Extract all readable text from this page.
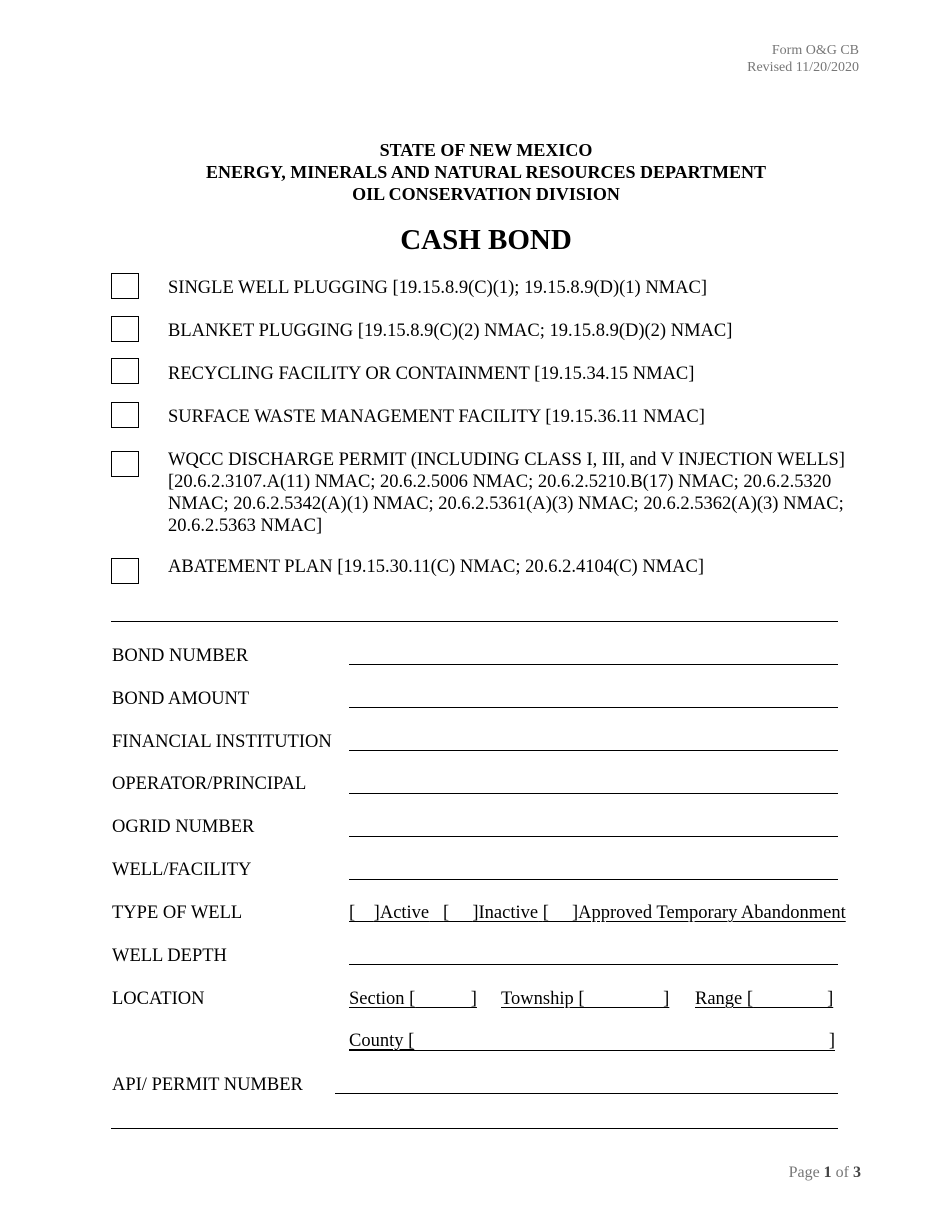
Form O&G CB
Revised 11/20/2020
STATE OF NEW MEXICO
ENERGY, MINERALS AND NATURAL RESOURCES DEPARTMENT
OIL CONSERVATION DIVISION
CASH BOND
SINGLE WELL PLUGGING [19.15.8.9(C)(1); 19.15.8.9(D)(1) NMAC]
BLANKET PLUGGING [19.15.8.9(C)(2) NMAC; 19.15.8.9(D)(2) NMAC]
RECYCLING FACILITY OR CONTAINMENT [19.15.34.15 NMAC]
SURFACE WASTE MANAGEMENT FACILITY [19.15.36.11 NMAC]
WQCC DISCHARGE PERMIT (INCLUDING CLASS I, III, and V INJECTION WELLS] [20.6.2.3107.A(11) NMAC; 20.6.2.5006 NMAC; 20.6.2.5210.B(17) NMAC; 20.6.2.5320 NMAC; 20.6.2.5342(A)(1) NMAC; 20.6.2.5361(A)(3) NMAC; 20.6.2.5362(A)(3) NMAC; 20.6.2.5363 NMAC]
ABATEMENT PLAN [19.15.30.11(C) NMAC; 20.6.2.4104(C) NMAC]
BOND NUMBER
BOND AMOUNT
FINANCIAL INSTITUTION
OPERATOR/PRINCIPAL
OGRID NUMBER
WELL/FACILITY
TYPE OF WELL	[    ]Active [     ]Inactive [     ]Approved Temporary Abandonment
WELL DEPTH
LOCATION	Section [            ] Township [                 ] Range [                ]
County [	]
API/ PERMIT NUMBER
Page 1 of 3
